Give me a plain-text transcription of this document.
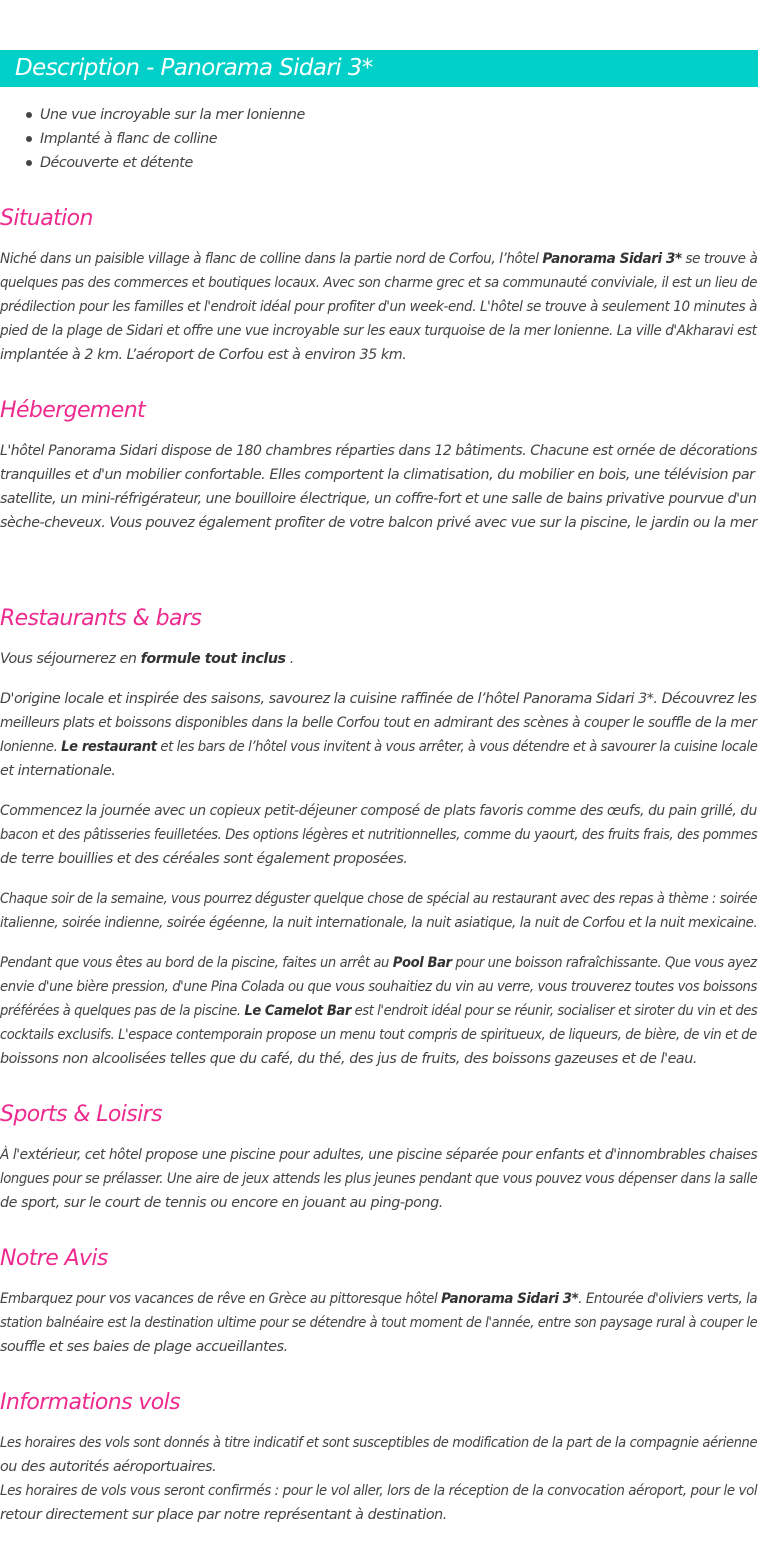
Description - Panorama Sidari 3*
Une vue incroyable sur la mer Ionienne
Implanté à flanc de colline
Découverte et détente
Situation
Niché dans un paisible village à flanc de colline dans la partie nord de Corfou, l’hôtel Panorama Sidari 3* se trouve à
quelques pas des commerces et boutiques locaux. Avec son charme grec et sa communauté conviviale, il est un lieu de
prédilection pour les familles et l'endroit idéal pour profiter d'un week-end. L'hôtel se trouve à seulement 10 minutes à
pied de la plage de Sidari et offre une vue incroyable sur les eaux turquoise de la mer Ionienne. La ville d'Akharavi est
implantée à 2 km. L’aéroport de Corfou est à environ 35 km.
Hébergement
L'hôtel Panorama Sidari dispose de 180 chambres réparties dans 12 bâtiments. Chacune est ornée de décorations
tranquilles et d'un mobilier confortable. Elles comportent la climatisation, du mobilier en bois, une télévision par
satellite, un mini-réfrigérateur, une bouilloire électrique, un coffre-fort et une salle de bains privative pourvue d'un
sèche-cheveux. Vous pouvez également profiter de votre balcon privé avec vue sur la piscine, le jardin ou la mer
Restaurants & bars
Vous séjournerez en formule tout inclus .
D'origine locale et inspirée des saisons, savourez la cuisine raffinée de l’hôtel Panorama Sidari 3*. Découvrez les
meilleurs plats et boissons disponibles dans la belle Corfou tout en admirant des scènes à couper le souffle de la mer
Ionienne. Le restaurant et les bars de l’hôtel vous invitent à vous arrêter, à vous détendre et à savourer la cuisine locale
et internationale.
Commencez la journée avec un copieux petit-déjeuner composé de plats favoris comme des œufs, du pain grillé, du
bacon et des pâtisseries feuilletées. Des options légères et nutritionnelles, comme du yaourt, des fruits frais, des pommes
de terre bouillies et des céréales sont également proposées.
Chaque soir de la semaine, vous pourrez déguster quelque chose de spécial au restaurant avec des repas à thème : soirée
italienne, soirée indienne, soirée égéenne, la nuit internationale, la nuit asiatique, la nuit de Corfou et la nuit mexicaine.
Pendant que vous êtes au bord de la piscine, faites un arrêt au Pool Bar pour une boisson rafraîchissante. Que vous ayez
envie d'une bière pression, d'une Pina Colada ou que vous souhaitiez du vin au verre, vous trouverez toutes vos boissons
préférées à quelques pas de la piscine. Le Camelot Bar est l'endroit idéal pour se réunir, socialiser et siroter du vin et des
cocktails exclusifs. L'espace contemporain propose un menu tout compris de spiritueux, de liqueurs, de bière, de vin et de
boissons non alcoolisées telles que du café, du thé, des jus de fruits, des boissons gazeuses et de l'eau.
Sports & Loisirs
À l'extérieur, cet hôtel propose une piscine pour adultes, une piscine séparée pour enfants et d'innombrables chaises
longues pour se prélasser. Une aire de jeux attends les plus jeunes pendant que vous pouvez vous dépenser dans la salle
de sport, sur le court de tennis ou encore en jouant au ping-pong.
Notre Avis
Embarquez pour vos vacances de rêve en Grèce au pittoresque hôtel Panorama Sidari 3*. Entourée d'oliviers verts, la
station balnéaire est la destination ultime pour se détendre à tout moment de l'année, entre son paysage rural à couper le
souffle et ses baies de plage accueillantes.
Informations vols
Les horaires des vols sont donnés à titre indicatif et sont susceptibles de modification de la part de la compagnie aérienne
ou des autorités aéroportuaires.
Les horaires de vols vous seront confirmés : pour le vol aller, lors de la réception de la convocation aéroport, pour le vol
retour directement sur place par notre représentant à destination.
